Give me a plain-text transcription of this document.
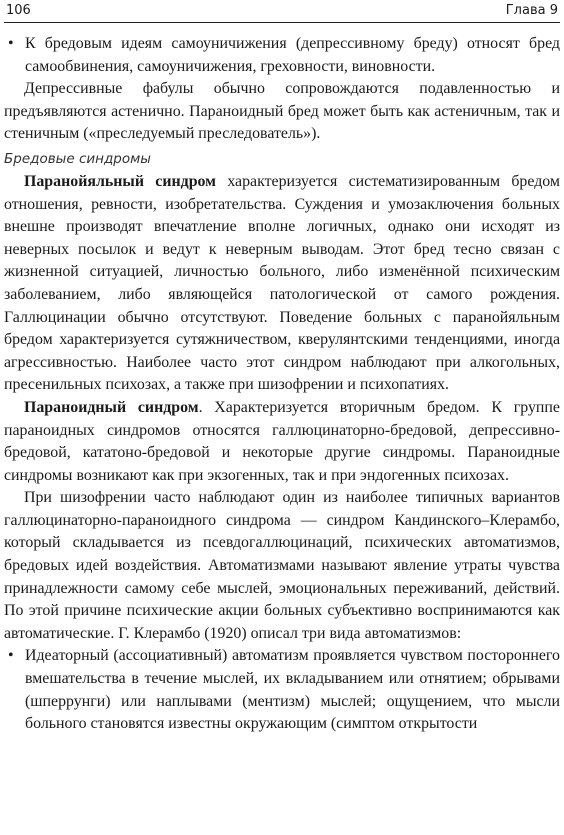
106	Глава 9

• К бредовым идеям самоуничижения (депрессивному бреду) относят бред самообвинения, самоуничижения, греховности, виновности.

Депрессивные фабулы обычно сопровождаются подавленностью и предъявляются астенично. Параноидный бред может быть как астеничным, так и стеничным («преследуемый преследователь»).

Бредовые синдромы

Паранойяльный синдром характеризуется систематизированным бредом отношения, ревности, изобретательства. Суждения и умозаключения больных внешне производят впечатление вполне логичных, однако они исходят из неверных посылок и ведут к неверным выводам. Этот бред тесно связан с жизненной ситуацией, личностью больного, либо изменённой психическим заболеванием, либо являющейся патологической от самого рождения. Галлюцинации обычно отсутствуют. Поведение больных с паранойяльным бредом характеризуется сутяжничеством, кверулянтскими тенденциями, иногда агрессивностью. Наиболее часто этот синдром наблюдают при алкогольных, пресенильных психозах, а также при шизофрении и психопатиях.

Параноидный синдром. Характеризуется вторичным бредом. К группе параноидных синдромов относятся галлюцинаторно-бредовой, депрессивно-бредовой, кататоно-бредовой и некоторые другие синдромы. Параноидные синдромы возникают как при экзогенных, так и при эндогенных психозах.

При шизофрении часто наблюдают один из наиболее типичных вариантов галлюцинаторно-параноидного синдрома — синдром Кандинского–Клерамбо, который складывается из псевдогаллюцинаций, психических автоматизмов, бредовых идей воздействия. Автоматизмами называют явление утраты чувства принадлежности самому себе мыслей, эмоциональных переживаний, действий. По этой причине психические акции больных субъективно воспринимаются как автоматические. Г. Клерамбо (1920) описал три вида автоматизмов:

• Идеаторный (ассоциативный) автоматизм проявляется чувством постороннего вмешательства в течение мыслей, их вкладыванием или отнятием; обрывами (шперрунги) или наплывами (ментизм) мыслей; ощущением, что мысли больного становятся известны окружающим (симптом открытости
